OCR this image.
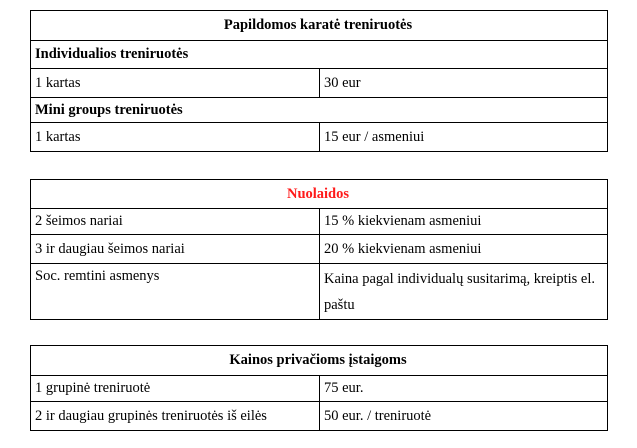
Papildomos karatė treniruotės	
Individualios treniruotės	
1 kartas	30 eur
Mini groups treniruotės	
1 kartas	15 eur / asmeniui
Nuolaidos	
2 šeimos nariai	15 % kiekvienam asmeniui
3 ir daugiau šeimos nariai	20 % kiekvienam asmeniui
Soc. remtini asmenys	Kaina pagal individualų susitarimą, kreiptis el. paštu
Kainos privačioms įstaigoms	
1 grupinė treniruotė	75 eur.
2 ir daugiau grupinės treniruotės iš eilės	50 eur. / treniruotė
